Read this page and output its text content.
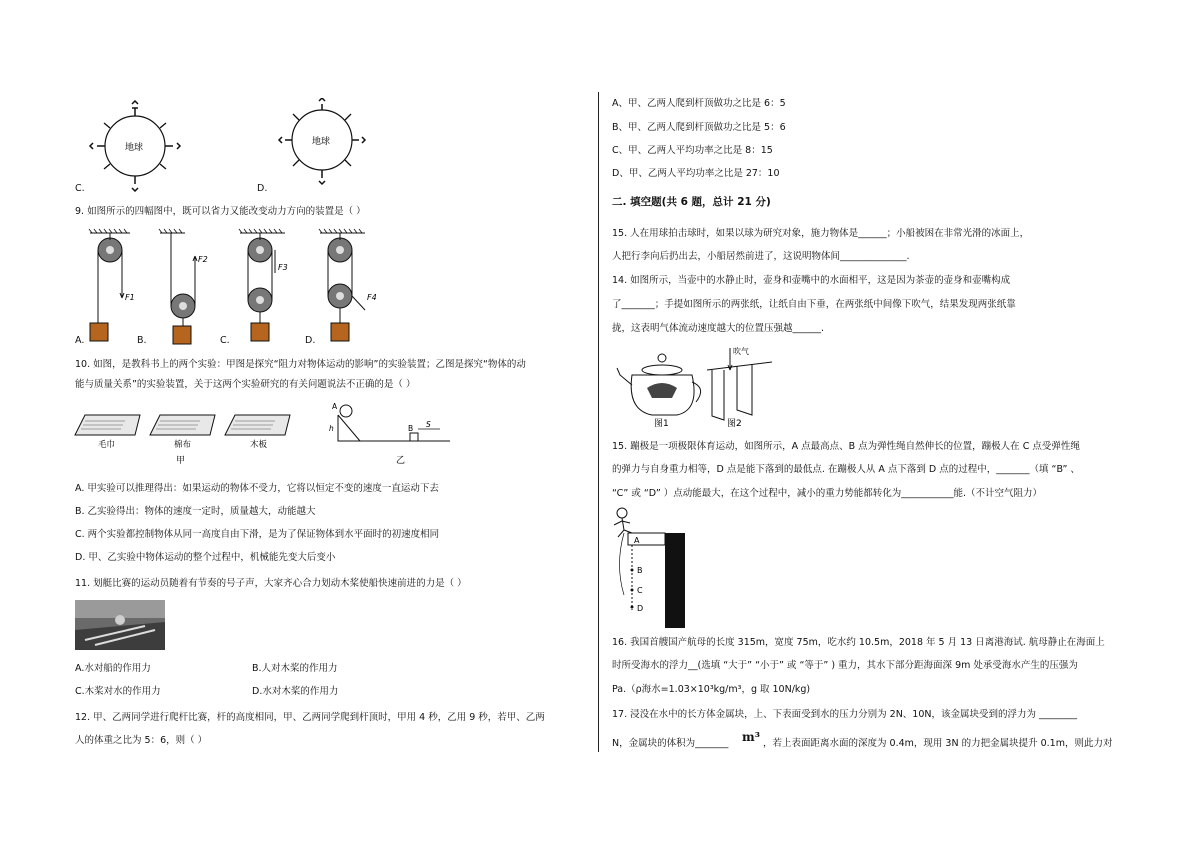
地球
C.
地球
D.
9. 如图所示的四幅图中，既可以省力又能改变动力方向的装置是（ ）
F1
F2
F3
F4
A.	B.	C.	D.
10. 如图，是教科书上的两个实验：甲图是探究“阻力对物体运动的影响”的实验装置；乙图是探究“物体的动
能与质量关系”的实验装置，关于这两个实验研究的有关问题说法不正确的是（ ）
毛巾	棉布	木板
甲
A
h	B S
乙
A. 甲实验可以推理得出：如果运动的物体不受力，它将以恒定不变的速度一直运动下去
B. 乙实验得出：物体的速度一定时，质量越大，动能越大
C. 两个实验都控制物体从同一高度自由下滑，是为了保证物体到水平面时的初速度相同
D. 甲、乙实验中物体运动的整个过程中，机械能先变大后变小
11. 划艇比赛的运动员随着有节奏的号子声，大家齐心合力划动木桨使船快速前进的力是（ ）
A.水对船的作用力	B.人对木桨的作用力
C.木桨对水的作用力	D.水对木桨的作用力
12. 甲、乙两同学进行爬杆比赛，杆的高度相同，甲、乙两同学爬到杆顶时，甲用 4 秒，乙用 9 秒，若甲、乙两
人的体重之比为 5：6，则（ ）
A、甲、乙两人爬到杆顶做功之比是 6：5
B、甲、乙两人爬到杆顶做功之比是 5：6
C、甲、乙两人平均功率之比是 8：15
D、甲、乙两人平均功率之比是 27：10
二. 填空题(共 6 题，总计 21 分)
15. 人在用球拍击球时，如果以球为研究对象，施力物体是______；小船被困在非常光滑的冰面上，
人把行李向后扔出去，小船居然前进了，这说明物体间______________.
14. 如图所示，当壶中的水静止时，壶身和壶嘴中的水面相平，这是因为茶壶的壶身和壶嘴构成
了_______；手提如图所示的两张纸，让纸自由下垂，在两张纸中间像下吹气，结果发现两张纸靠
拢，这表明气体流动速度越大的位置压强越______.
图1
吹气
图2
15. 蹦极是一项极限体育运动，如图所示，A 点最高点、B 点为弹性绳自然伸长的位置，蹦极人在 C 点受弹性绳
的弹力与自身重力相等，D 点是能下落到的最低点. 在蹦极人从 A 点下落到 D 点的过程中，_______（填 “B” 、
“C” 或 “D” ）点动能最大，在这个过程中，减小的重力势能都转化为___________能.（不计空气阻力）
A
B
C
D
16. 我国首艘国产航母的长度 315m，宽度 75m，吃水约 10.5m，2018 年 5 月 13 日离港海试. 航母静止在海面上
时所受海水的浮力__(选填 “大于” “小于” 或 “等于” ) 重力，其水下部分距海面深 9m 处承受海水产生的压强为
Pa.（ρ海水=1.03×10³kg/m³，g 取 10N/kg)
17. 浸没在水中的长方体金属块，上、下表面受到水的压力分别为 2N、10N，该金属块受到的浮力为 ________
N，金属块的体积为_______ m³ ，若上表面距离水面的深度为 0.4m，现用 3N 的力把金属块提升 0.1m，则此力对
